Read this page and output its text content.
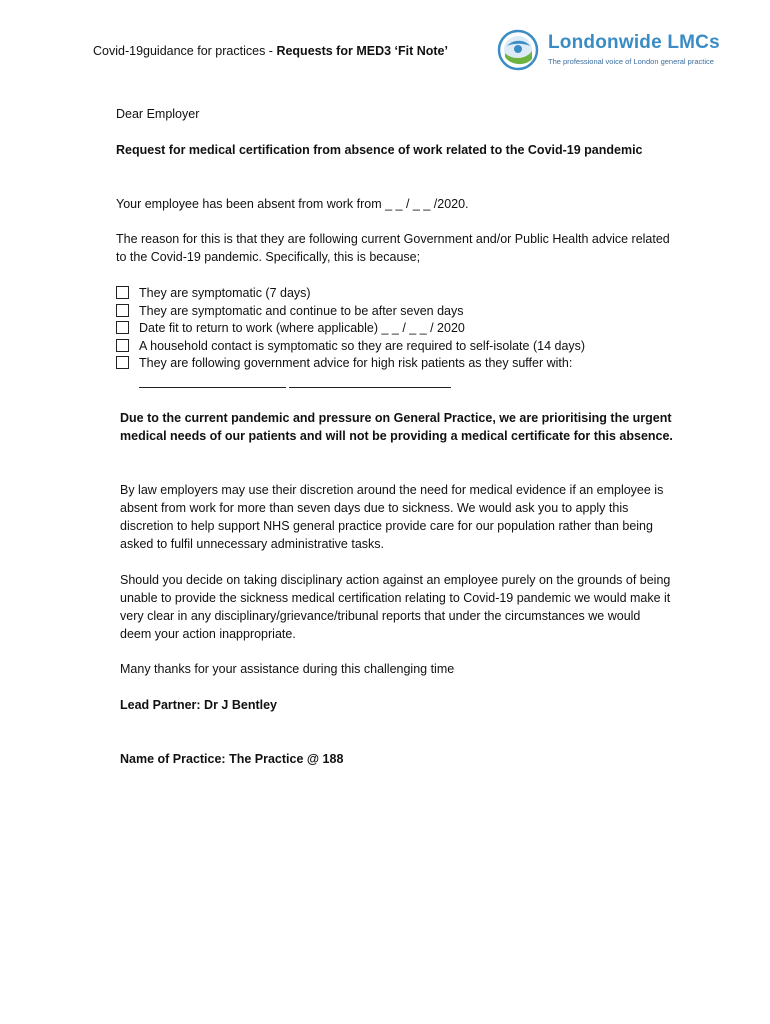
Covid-19guidance for practices - Requests for MED3 ‘Fit Note’	Londonwide LMCs
The professional voice of London general practice

Dear Employer

Request for medical certification from absence of work related to the Covid-19 pandemic

Your employee has been absent from work from _ _ / _ _ /2020.

The reason for this is that they are following current Government and/or Public Health advice related to the Covid-19 pandemic. Specifically, this is because;

They are symptomatic (7 days)
They are symptomatic and continue to be after seven days
Date fit to return to work (where applicable) _ _ / _ _ / 2020
A household contact is symptomatic so they are required to self-isolate (14 days)
They are following government advice for high risk patients as they suffer with:

Due to the current pandemic and pressure on General Practice, we are prioritising the urgent medical needs of our patients and will not be providing a medical certificate for this absence.

By law employers may use their discretion around the need for medical evidence if an employee is absent from work for more than seven days due to sickness. We would ask you to apply this discretion to help support NHS general practice provide care for our population rather than being asked to fulfil unnecessary administrative tasks.

Should you decide on taking disciplinary action against an employee purely on the grounds of being unable to provide the sickness medical certification relating to Covid-19 pandemic we would make it very clear in any disciplinary/grievance/tribunal reports that under the circumstances we would deem your action inappropriate.

Many thanks for your assistance during this challenging time

Lead Partner: Dr J Bentley

Name of Practice: The Practice @ 188
